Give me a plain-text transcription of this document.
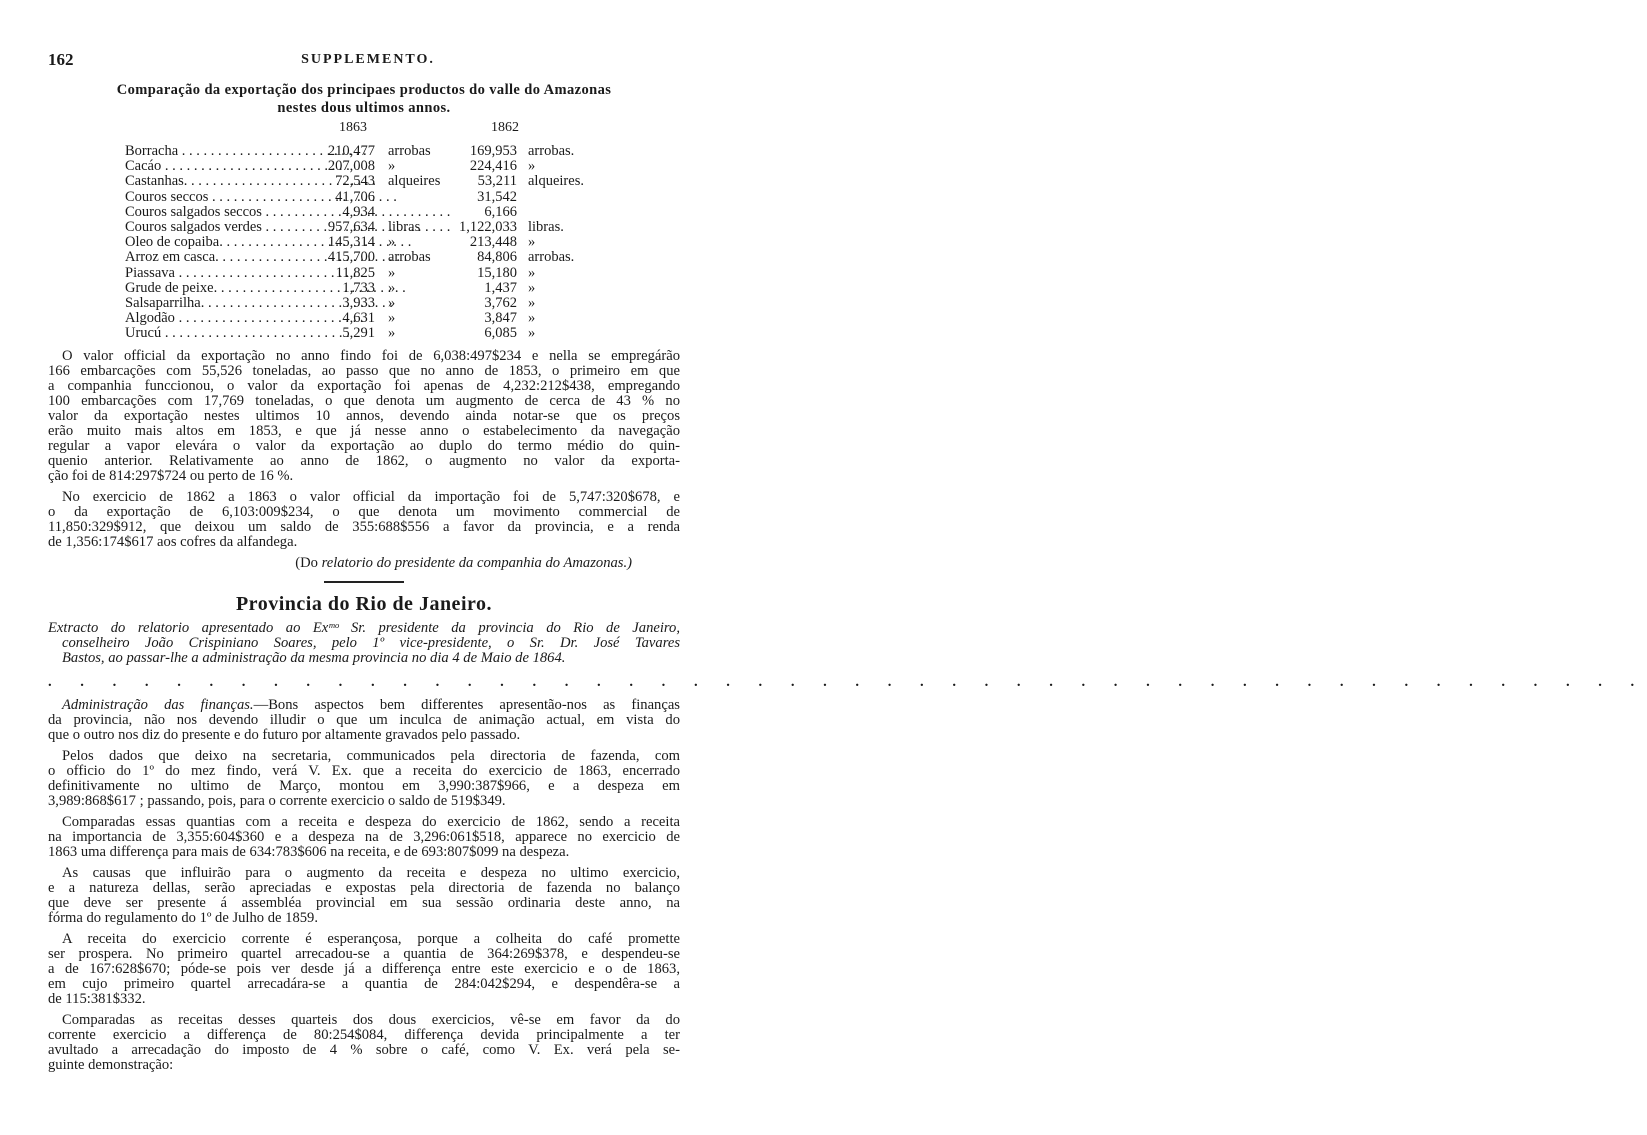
162	SUPPLEMENTO.
Comparação da exportação dos principaes productos do valle do Amazonas
nestes dous ultimos annos.
1863	1862
Borracha . . .	210,477 arrobas	169,953 arrobas.
Cacáo . . .	207,008 »	224,416 »
Castanhas. . . .	72,543 alqueires	53,211 alqueires.
Couros seccos . . .	41,706	31,542
Couros salgados seccos . . .	4,934	6,166
Couros salgados verdes . . .	957,634 libras	1,122,033 libras.
Oleo de copaiba. . . .	145,314 »	213,448 »
Arroz em casca. . . .	415,700 arrobas	84,806 arrobas.
Piassava . . .	11,825 »	15,180 »
Grude de peixe. . . .	1,733 »	1,437 »
Salsaparrilha. . . .	3,933 »	3,762 »
Algodão . . .	4,631 »	3,847 »
Urucú . . .	5,291 »	6,085 »
O valor official da exportação no anno findo foi de 6,038:497$234 e nella se empregárão
166 embarcações com 55,526 toneladas, ao passo que no anno de 1853, o primeiro em que
a companhia funccionou, o valor da exportação foi apenas de 4,232:212$438, empregando
100 embarcações com 17,769 toneladas, o que denota um augmento de cerca de 43 % no
valor da exportação nestes ultimos 10 annos, devendo ainda notar-se que os preços
erão muito mais altos em 1853, e que já nesse anno o estabelecimento da navegação
regular a vapor elevára o valor da exportação ao duplo do termo médio do quin-
quenio anterior. Relativamente ao anno de 1862, o augmento no valor da exporta-
ção foi de 814:297$724 ou perto de 16 %.
No exercicio de 1862 a 1863 o valor official da importação foi de 5,747:320$678, e
o da exportação de 6,103:009$234, o que denota um movimento commercial de
11,850:329$912, que deixou um saldo de 355:688$556 a favor da provincia, e a renda
de 1,356:174$617 aos cofres da alfandega.
(Do relatorio do presidente da companhia do Amazonas.)
Provincia do Rio de Janeiro.
Extracto do relatorio apresentado ao Exᵐᵒ Sr. presidente da provincia do Rio de Janeiro,
conselheiro João Crispiniano Soares, pelo 1º vice-presidente, o Sr. Dr. José Tavares
Bastos, ao passar-lhe a administração da mesma provincia no dia 4 de Maio de 1864.
. . . . . . . . . . . . . . . . . . . . . . . . . . . . . . . . . . . . . . . . . . . . . . . . . .
Administração das finanças.—Bons aspectos bem differentes apresentão-nos as finanças
da provincia, não nos devendo illudir o que um inculca de animação actual, em vista do
que o outro nos diz do presente e do futuro por altamente gravados pelo passado.
Pelos dados que deixo na secretaria, communicados pela directoria de fazenda, com
o officio do 1º do mez findo, verá V. Ex. que a receita do exercicio de 1863, encerrado
definitivamente no ultimo de Março, montou em 3,990:387$966, e a despeza em
3,989:868$617 ; passando, pois, para o corrente exercicio o saldo de 519$349.
Comparadas essas quantias com a receita e despeza do exercicio de 1862, sendo a receita
na importancia de 3,355:604$360 e a despeza na de 3,296:061$518, apparece no exercicio de
1863 uma differença para mais de 634:783$606 na receita, e de 693:807$099 na despeza.
As causas que influirão para o augmento da receita e despeza no ultimo exercicio,
e a natureza dellas, serão apreciadas e expostas pela directoria de fazenda no balanço
que deve ser presente á assembléa provincial em sua sessão ordinaria deste anno, na
fórma do regulamento do 1º de Julho de 1859.
A receita do exercicio corrente é esperançosa, porque a colheita do café promette
ser prospera. No primeiro quartel arrecadou-se a quantia de 364:269$378, e despendeu-se
a de 167:628$670; póde-se pois ver desde já a differença entre este exercicio e o de 1863,
em cujo primeiro quartel arrecadára-se a quantia de 284:042$294, e despendêra-se a
de 115:381$332.
Comparadas as receitas desses quarteis dos dous exercicios, vê-se em favor da do
corrente exercicio a differença de 80:254$084, differença devida principalmente a ter
avultado a arrecadação do imposto de 4 % sobre o café, como V. Ex. verá pela se-
guinte demonstração:
